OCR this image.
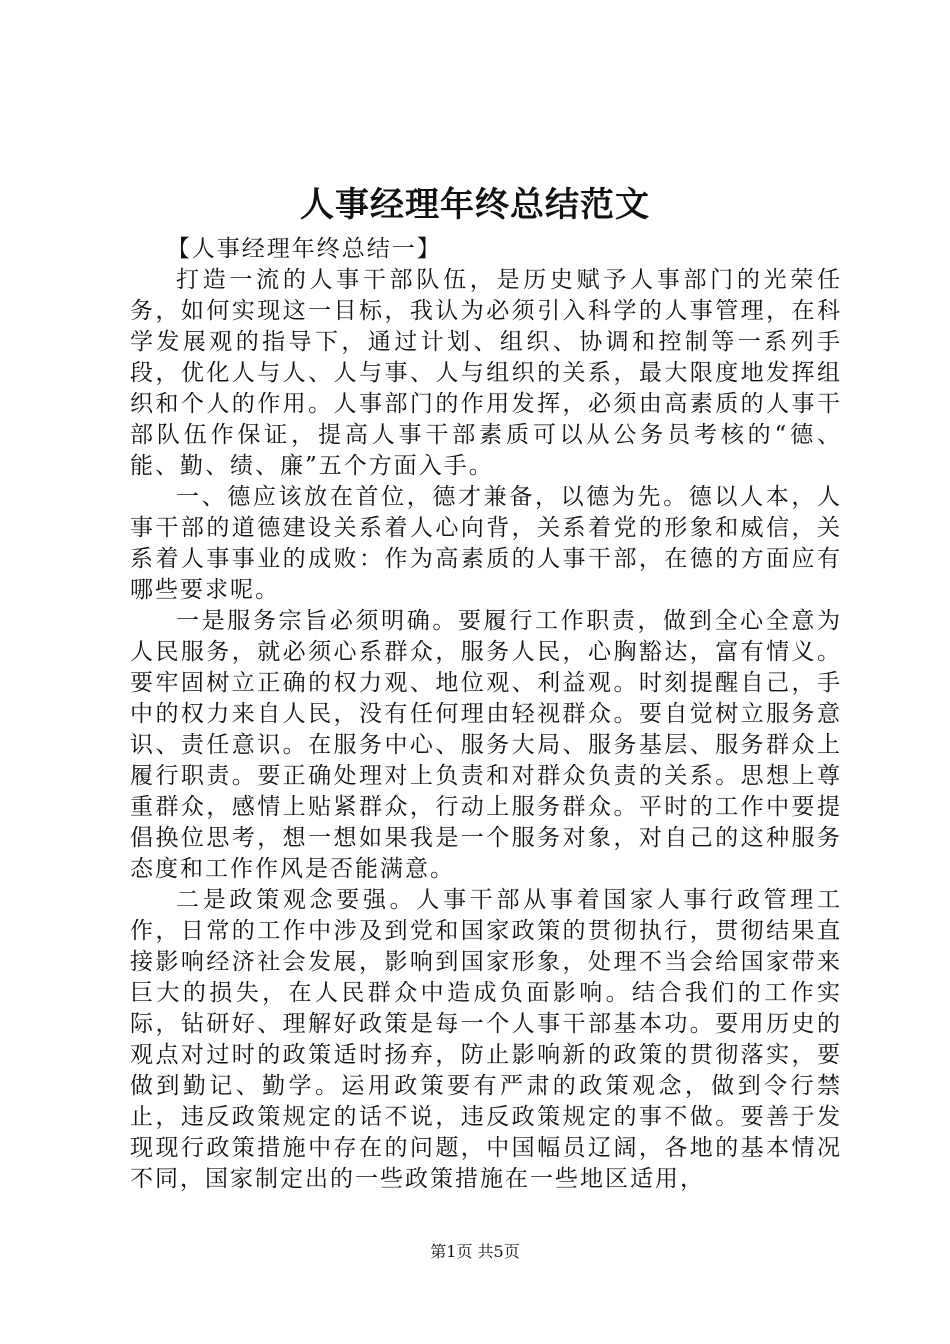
人事经理年终总结范文

【人事经理年终总结一】

打造一流的人事干部队伍，是历史赋予人事部门的光荣任务，如何实现这一目标，我认为必须引入科学的人事管理，在科学发展观的指导下，通过计划、组织、协调和控制等一系列手段，优化人与人、人与事、人与组织的关系，最大限度地发挥组织和个人的作用。人事部门的作用发挥，必须由高素质的人事干部队伍作保证，提高人事干部素质可以从公务员考核的“德、能、勤、绩、廉”五个方面入手。

一、德应该放在首位，德才兼备，以德为先。德以人本，人事干部的道德建设关系着人心向背，关系着党的形象和威信，关系着人事事业的成败：作为高素质的人事干部，在德的方面应有哪些要求呢。

一是服务宗旨必须明确。要履行工作职责，做到全心全意为人民服务，就必须心系群众，服务人民，心胸豁达，富有情义。要牢固树立正确的权力观、地位观、利益观。时刻提醒自己，手中的权力来自人民，没有任何理由轻视群众。要自觉树立服务意识、责任意识。在服务中心、服务大局、服务基层、服务群众上履行职责。要正确处理对上负责和对群众负责的关系。思想上尊重群众，感情上贴紧群众，行动上服务群众。平时的工作中要提倡换位思考，想一想如果我是一个服务对象，对自己的这种服务态度和工作作风是否能满意。

二是政策观念要强。人事干部从事着国家人事行政管理工作，日常的工作中涉及到党和国家政策的贯彻执行，贯彻结果直接影响经济社会发展，影响到国家形象，处理不当会给国家带来巨大的损失，在人民群众中造成负面影响。结合我们的工作实际，钻研好、理解好政策是每一个人事干部基本功。要用历史的观点对过时的政策适时扬弃，防止影响新的政策的贯彻落实，要做到勤记、勤学。运用政策要有严肃的政策观念，做到令行禁止，违反政策规定的话不说，违反政策规定的事不做。要善于发现现行政策措施中存在的问题，中国幅员辽阔，各地的基本情况不同，国家制定出的一些政策措施在一些地区适用，

第1页 共5页
